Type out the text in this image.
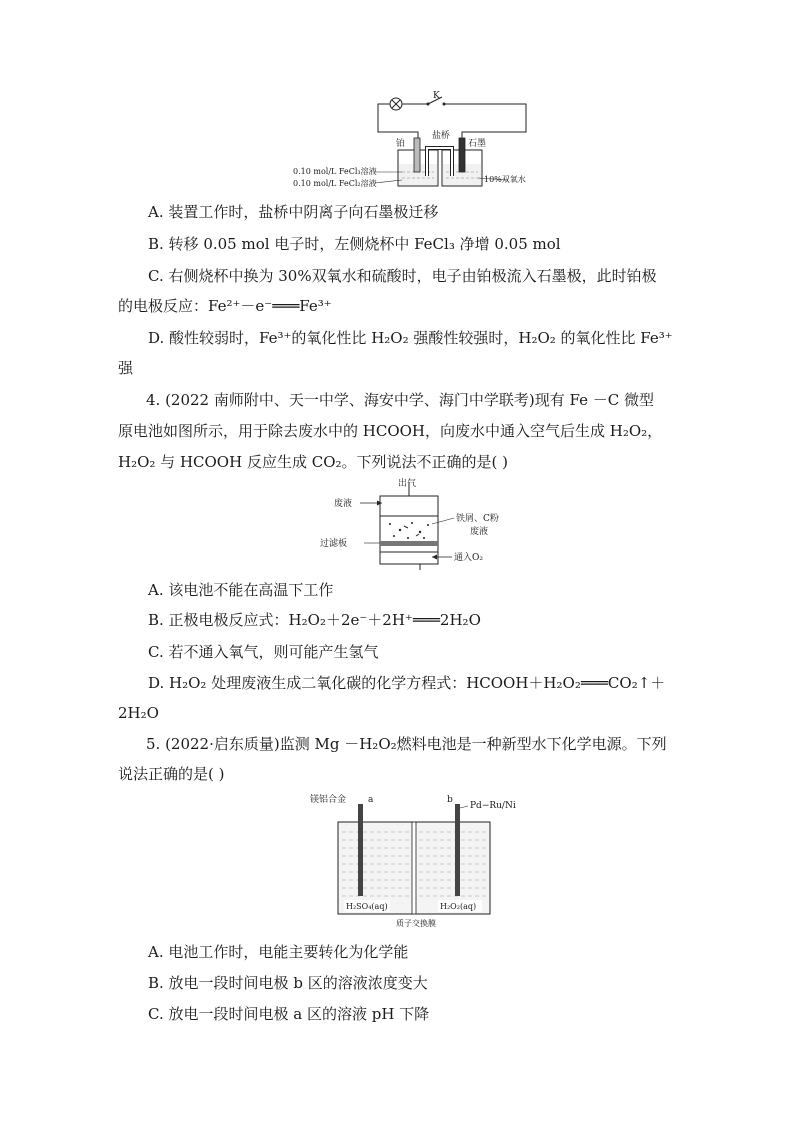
K
铂
盐桥
石墨
0.10 mol/L FeCl₃溶液
0.10 mol/L FeCl₂溶液	10%双氧水
A. 装置工作时，盐桥中阴离子向石墨极迁移
B. 转移 0.05 mol 电子时，左侧烧杯中 FeCl₃ 净增 0.05 mol
C. 右侧烧杯中换为 30%双氧水和硫酸时，电子由铂极流入石墨极，此时铂极
的电极反应：Fe²⁺－e⁻═══Fe³⁺
D. 酸性较弱时，Fe³⁺的氧化性比 H₂O₂ 强酸性较强时，H₂O₂ 的氧化性比 Fe³⁺
强
4. (2022 南师附中、天一中学、海安中学、海门中学联考)现有 Fe －C 微型
原电池如图所示，用于除去废水中的 HCOOH，向废水中通入空气后生成 H₂O₂，
H₂O₂ 与 HCOOH 反应生成 CO₂。下列说法不正确的是( )
出气
废液
过滤板
铁屑、C粉
废液
通入O₂
A. 该电池不能在高温下工作
B. 正极电极反应式：H₂O₂＋2e⁻＋2H⁺═══2H₂O
C. 若不通入氧气，则可能产生氢气
D. H₂O₂ 处理废液生成二氧化碳的化学方程式：HCOOH＋H₂O₂═══CO₂↑＋
2H₂O
5. (2022·启东质量)监测 Mg －H₂O₂燃料电池是一种新型水下化学电源。下列
说法正确的是( )
镁铝合金 a	b
Pd−Ru/Ni
H₂SO₄(aq)	H₂O₂(aq)
质子交换膜
A. 电池工作时，电能主要转化为化学能
B. 放电一段时间电极 b 区的溶液浓度变大
C. 放电一段时间电极 a 区的溶液 pH 下降
